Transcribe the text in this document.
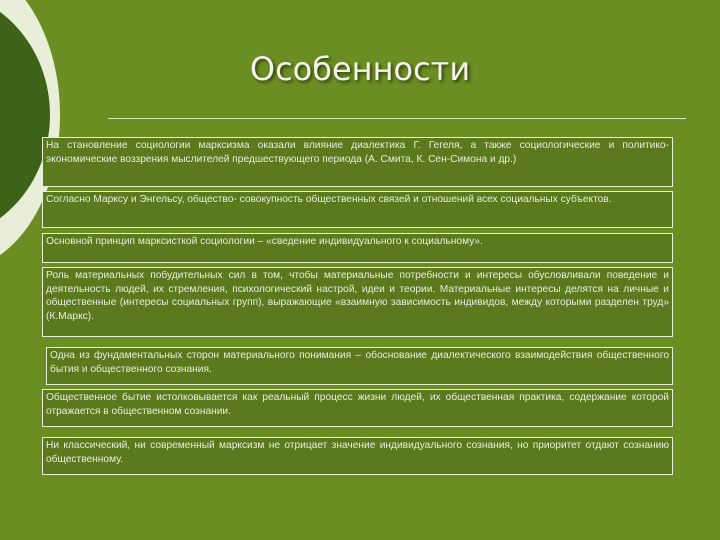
Особенности
На становление социологии марксизма оказали влияние диалектика Г. Гегеля, а также социологические и политико-экономические воззрения мыслителей предшествующего периода (А. Смита, К. Сен-Симона и др.)
Согласно Марксу и Энгельсу, общество- совокупность общественных связей и отношений всех социальных субъектов.
Основной принцип марксисткой социологии – «сведение индивидуального к социальному».
Роль материальных побудительных сил в том, чтобы материальные потребности и интересы обусловливали поведение и деятельность людей, их стремления, психологический настрой, идеи и теории. Материальные интересы делятся на личные и общественные (интересы социальных групп), выражающие «взаимную зависимость индивидов, между которыми разделен труд» (К.Маркс).
Одна из фундаментальных сторон материального понимания – обоснование диалектического взаимодействия общественного бытия и общественного сознания.
Общественное бытие истолковывается как реальный процесс жизни людей, их общественная практика, содержание которой отражается в общественном сознании.
Ни классический, ни современный марксизм не отрицает значение индивидуального сознания, но приоритет отдают сознанию общественному.
